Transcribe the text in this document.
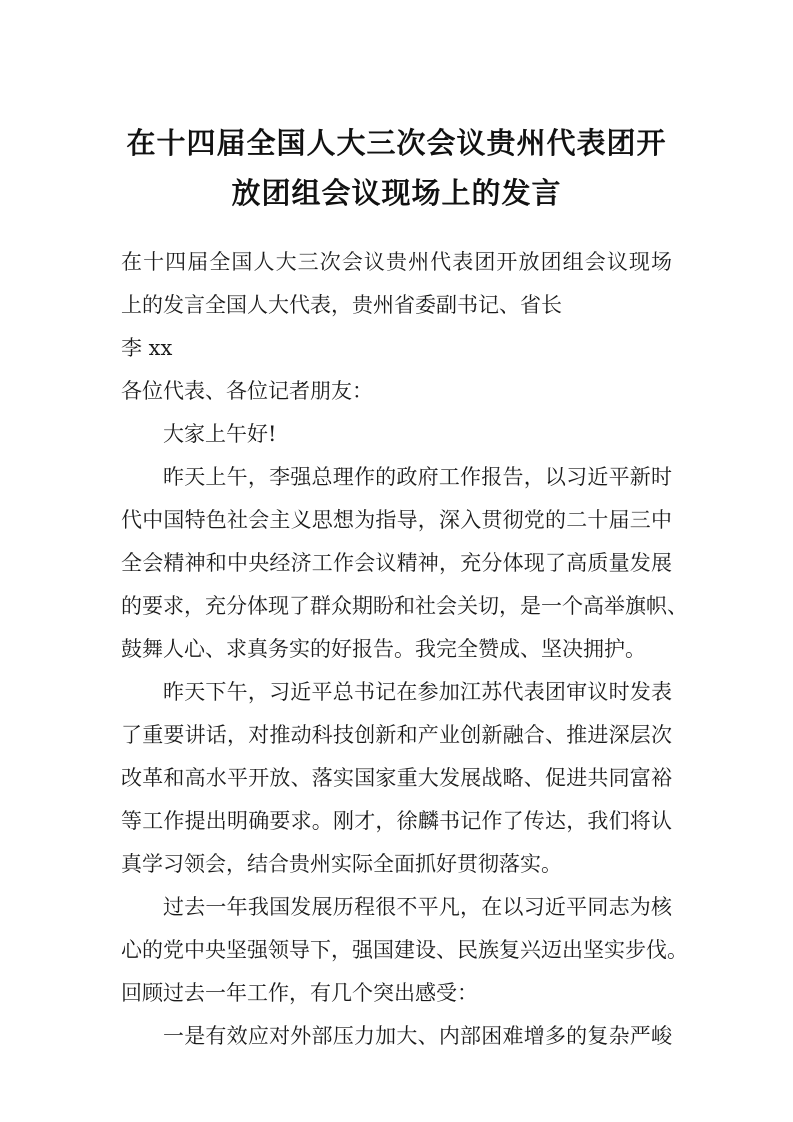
在十四届全国人大三次会议贵州代表团开
放团组会议现场上的发言
在十四届全国人大三次会议贵州代表团开放团组会议现场
上的发言全国人大代表，贵州省委副书记、省长
李 xx
各位代表、各位记者朋友：
大家上午好!
昨天上午，李强总理作的政府工作报告，以习近平新时
代中国特色社会主义思想为指导，深入贯彻党的二十届三中
全会精神和中央经济工作会议精神，充分体现了高质量发展
的要求，充分体现了群众期盼和社会关切，是一个高举旗帜、
鼓舞人心、求真务实的好报告。我完全赞成、坚决拥护。
昨天下午，习近平总书记在参加江苏代表团审议时发表
了重要讲话，对推动科技创新和产业创新融合、推进深层次
改革和高水平开放、落实国家重大发展战略、促进共同富裕
等工作提出明确要求。刚才，徐麟书记作了传达，我们将认
真学习领会，结合贵州实际全面抓好贯彻落实。
过去一年我国发展历程很不平凡，在以习近平同志为核
心的党中央坚强领导下，强国建设、民族复兴迈出坚实步伐。
回顾过去一年工作，有几个突出感受：
一是有效应对外部压力加大、内部困难增多的复杂严峻
